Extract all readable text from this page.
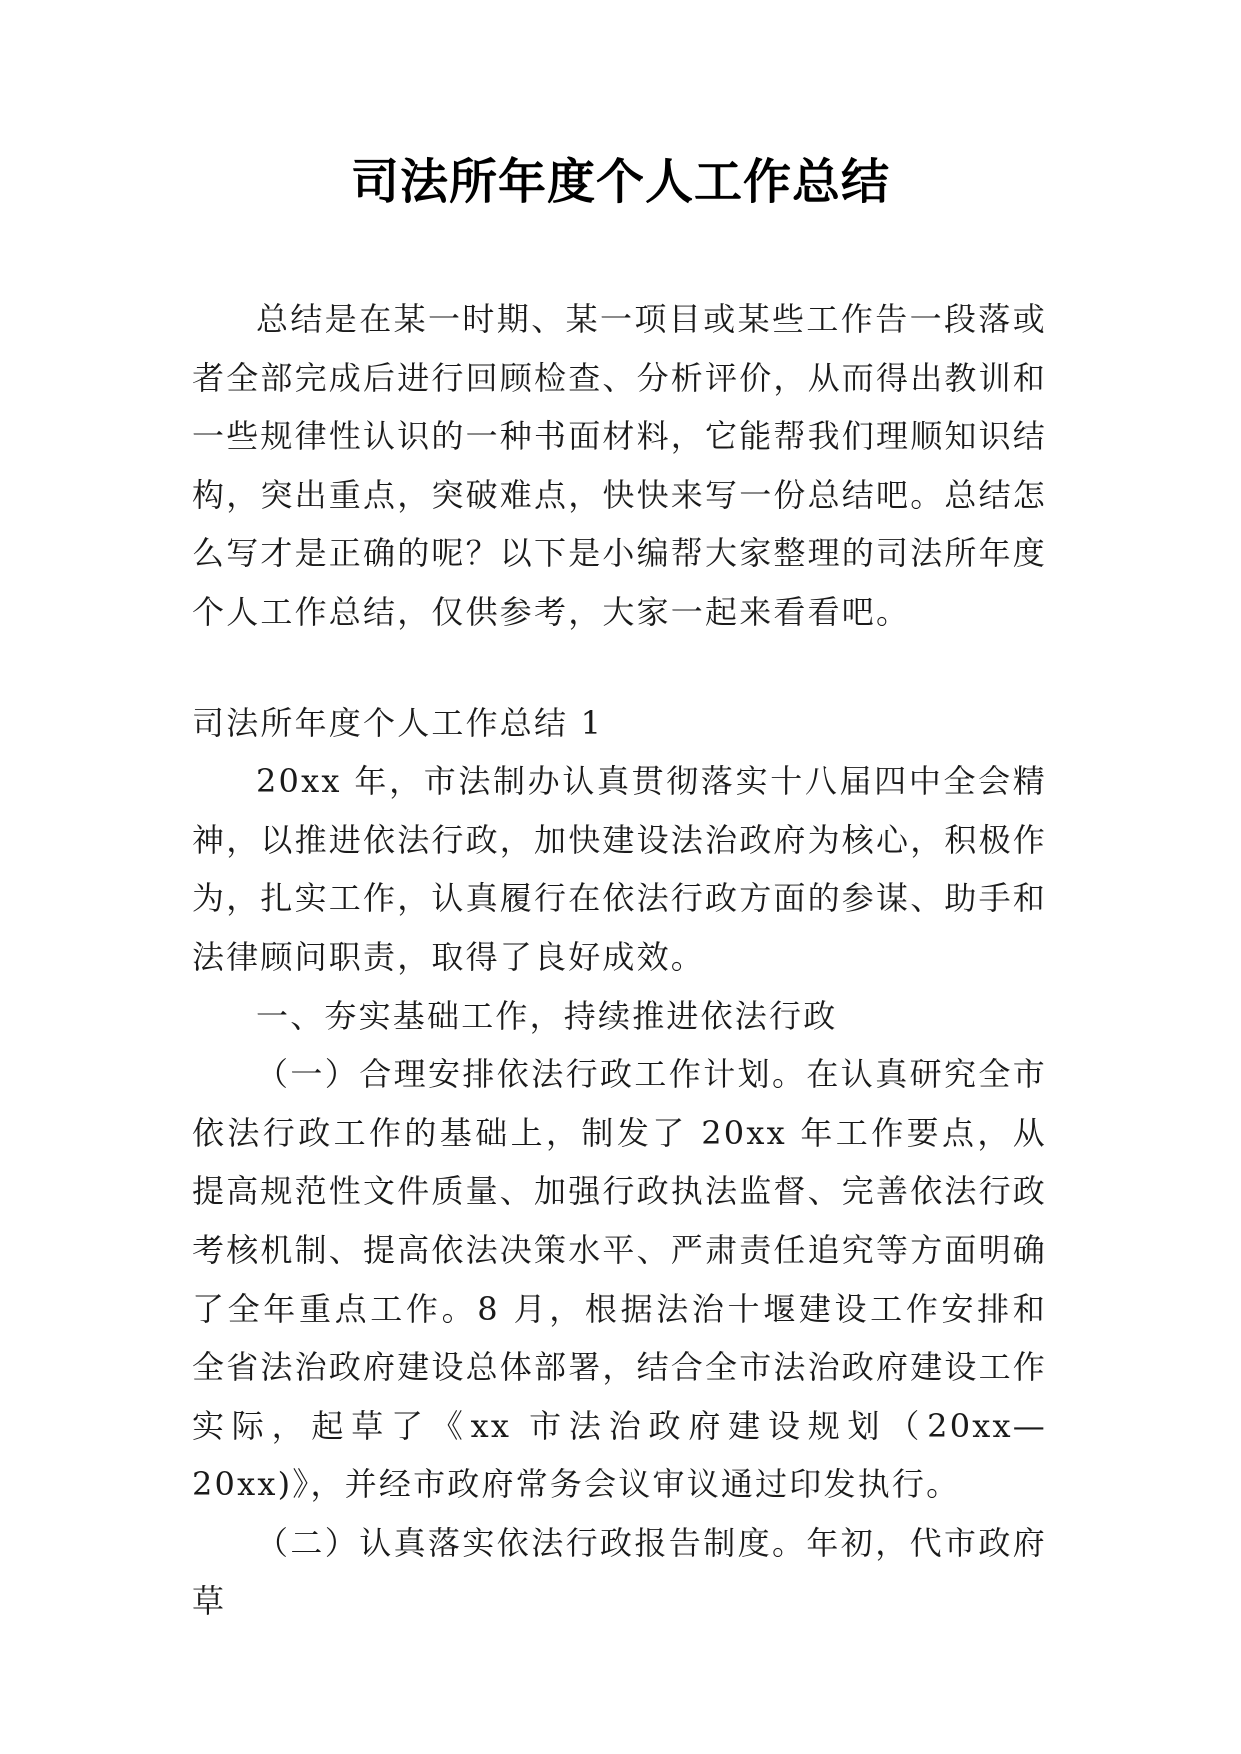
司法所年度个人工作总结

总结是在某一时期、某一项目或某些工作告一段落或者全部完成后进行回顾检查、分析评价，从而得出教训和一些规律性认识的一种书面材料，它能帮我们理顺知识结构，突出重点，突破难点，快快来写一份总结吧。总结怎么写才是正确的呢？以下是小编帮大家整理的司法所年度个人工作总结，仅供参考，大家一起来看看吧。

司法所年度个人工作总结 1

20xx 年，市法制办认真贯彻落实十八届四中全会精神，以推进依法行政，加快建设法治政府为核心，积极作为，扎实工作，认真履行在依法行政方面的参谋、助手和法律顾问职责，取得了良好成效。

一、夯实基础工作，持续推进依法行政

（一）合理安排依法行政工作计划。在认真研究全市依法行政工作的基础上，制发了 20xx 年工作要点，从提高规范性文件质量、加强行政执法监督、完善依法行政考核机制、提高依法决策水平、严肃责任追究等方面明确了全年重点工作。8 月，根据法治十堰建设工作安排和全省法治政府建设总体部署，结合全市法治政府建设工作实际，起草了《xx 市法治政府建设规划（20xx—20xx)》，并经市政府常务会议审议通过印发执行。

（二）认真落实依法行政报告制度。年初，代市政府草
